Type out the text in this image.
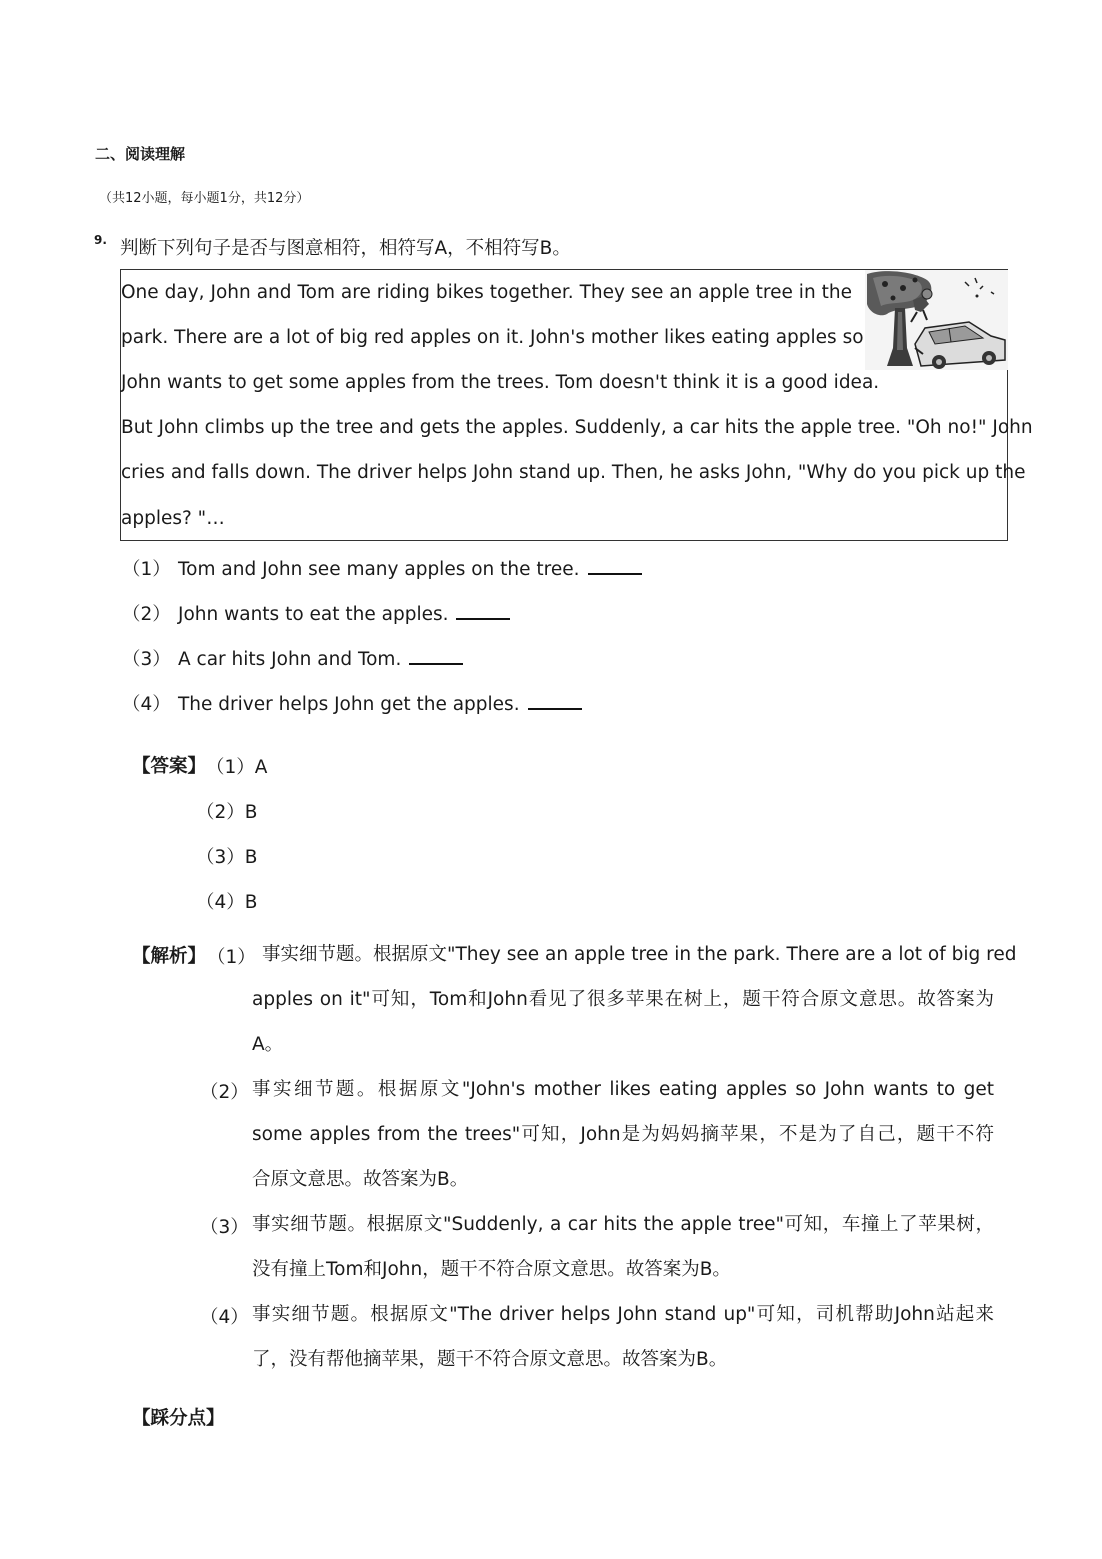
二、阅读理解
（共12小题，每小题1分，共12分）
9. 判断下列句子是否与图意相符，相符写A，不相符写B。
One day, John and Tom are riding bikes together. They see an apple tree in the
park. There are a lot of big red apples on it. John's mother likes eating apples so
John wants to get some apples from the trees. Tom doesn't think it is a good idea.
But John climbs up the tree and gets the apples. Suddenly, a car hits the apple tree. "Oh no!" John
cries and falls down. The driver helps John stand up. Then, he asks John, "Why do you pick up the
apples? "…
（1） Tom and John see many apples on the tree.
（2） John wants to eat the apples.
（3） A car hits John and Tom.
（4） The driver helps John get the apples.
【答案】 （1）A
（2）B
（3）B
（4）B
【解析】 （1） 事实细节题。根据原文"They see an apple tree in the park. There are a lot of big red
apples on it"可知，Tom和John看见了很多苹果在树上，题干符合原文意思。故答案为
A。
（2） 事实细节题。根据原文"John's mother likes eating apples so John wants to get
some apples from the trees"可知，John是为妈妈摘苹果，不是为了自己，题干不符
合原文意思。故答案为B。
（3） 事实细节题。根据原文"Suddenly, a car hits the apple tree"可知，车撞上了苹果树，
没有撞上Tom和John，题干不符合原文意思。故答案为B。
（4） 事实细节题。根据原文"The driver helps John stand up"可知，司机帮助John站起来
了，没有帮他摘苹果，题干不符合原文意思。故答案为B。
【踩分点】
